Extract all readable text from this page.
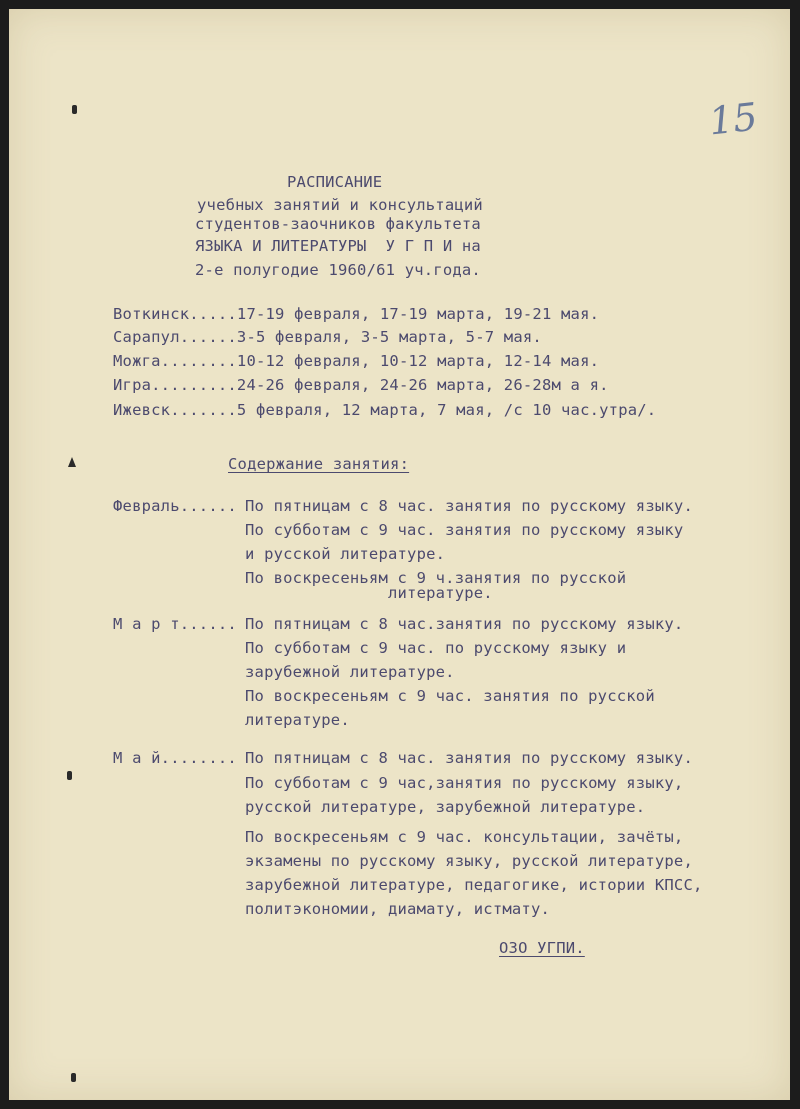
15
РАСПИСАНИЕ
учебных занятий и консультаций
студентов-заочников факультета
ЯЗЫКА И ЛИТЕРАТУРЫ  У Г П И на
2-е полугодие 1960/61 уч.года.
Воткинск.....17-19 февраля, 17-19 марта, 19-21 мая.
Сарапул......3-5 февраля, 3-5 марта, 5-7 мая.
Можга........10-12 февраля, 10-12 марта, 12-14 мая.
Игра.........24-26 февраля, 24-26 марта, 26-28м а я.
Ижевск.......5 февраля, 12 марта, 7 мая, /с 10 час.утра/.
Содержание занятия:
Февраль...... По пятницам с 8 час. занятия по русскому языку.
По субботам с 9 час. занятия по русскому языку
и русской литературе.
По воскресеньям с 9 ч.занятия по русской
литературе.
М а р т...... По пятницам с 8 час.занятия по русскому языку.
По субботам с 9 час. по русскому языку и
зарубежной литературе.
По воскресеньям с 9 час. занятия по русской
литературе.
М а й........ По пятницам с 8 час. занятия по русскому языку.
По субботам с 9 час,занятия по русскому языку,
русской литературе, зарубежной литературе.
По воскресеньям с 9 час. консультации, зачёты,
экзамены по русскому языку, русской литературе,
зарубежной литературе, педагогике, истории КПСС,
политэкономии, диамату, истмату.
ОЗО УГПИ.
